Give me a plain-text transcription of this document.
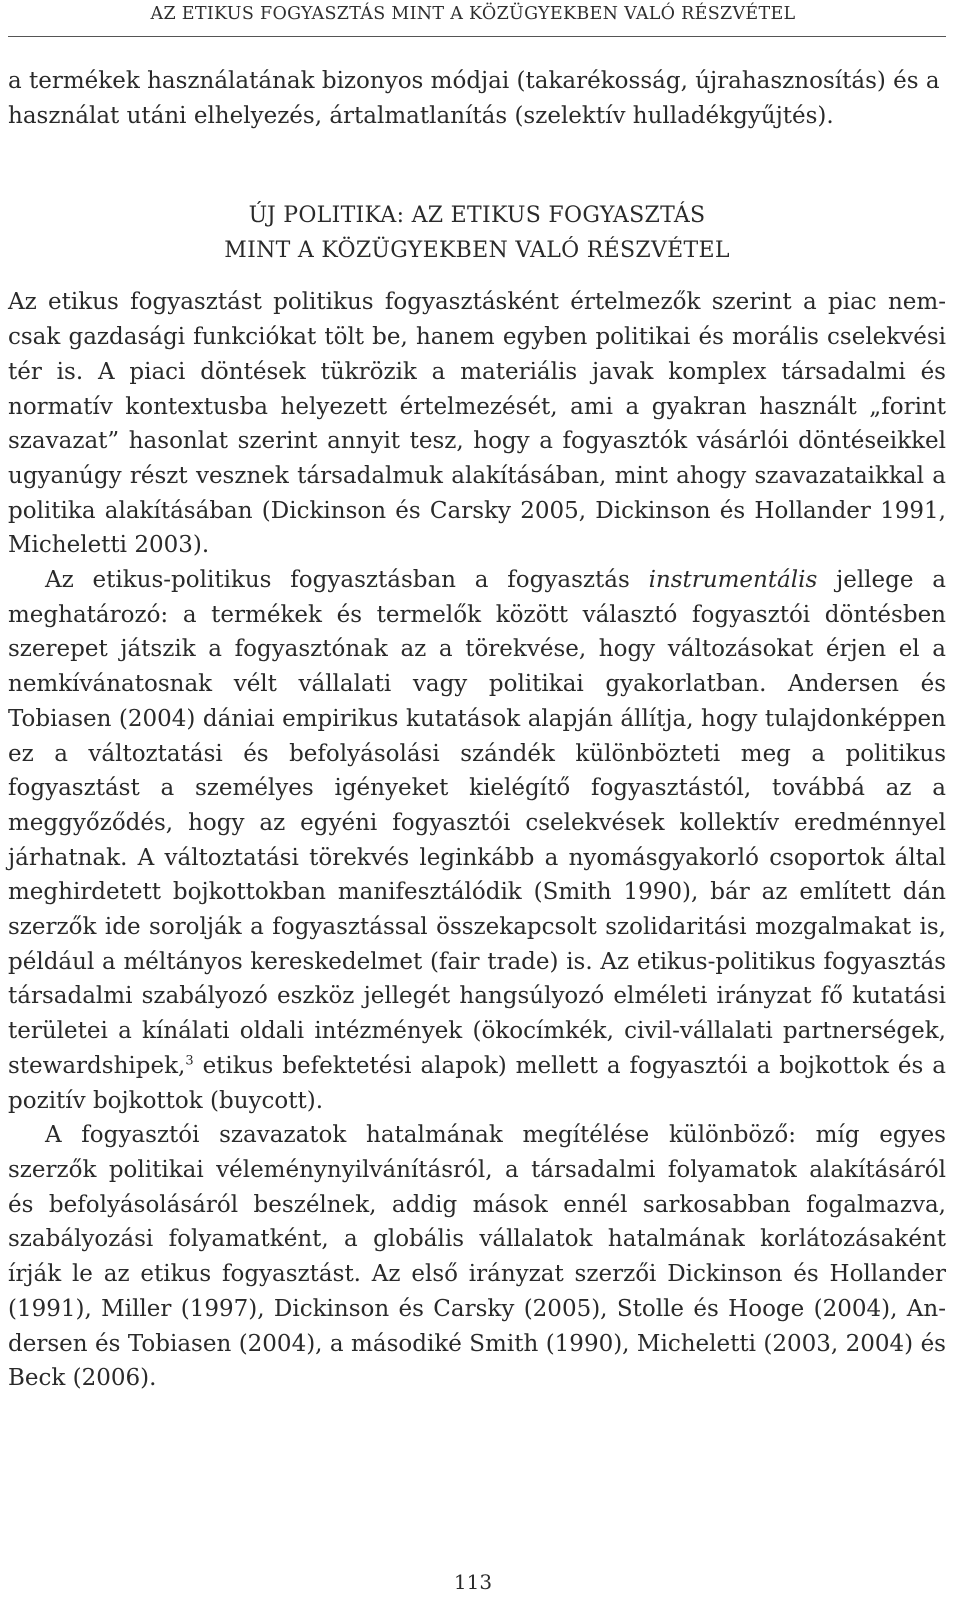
AZ ETIKUS FOGYASZTÁS MINT A KÖZÜGYEKBEN VALÓ RÉSZVÉTEL

a termékek használatának bizonyos módjai (takarékosság, újrahasznosítás) és a használat utáni elhelyezés, ártalmatlanítás (szelektív hulladékgyűjtés).

ÚJ POLITIKA: AZ ETIKUS FOGYASZTÁS
MINT A KÖZÜGYEKBEN VALÓ RÉSZVÉTEL

Az etikus fogyasztást politikus fogyasztásként értelmezők szerint a piac nemcsak gazdasági funkciókat tölt be, hanem egyben politikai és morális cselekvési tér is. A piaci döntések tükrözik a materiális javak komplex társadalmi és normatív kontextusba helyezett értelmezését, ami a gyakran használt „forint szavazat” hasonlat szerint annyit tesz, hogy a fogyasztók vásárlói döntéseikkel ugyanúgy részt vesznek társadalmuk alakításában, mint ahogy szavazataikkal a politika alakításában (Dickinson és Carsky 2005, Dickinson és Hollander 1991, Micheletti 2003).

Az etikus-politikus fogyasztásban a fogyasztás instrumentális jellege a meghatározó: a termékek és termelők között választó fogyasztói döntésben szerepet játszik a fogyasztónak az a törekvése, hogy változásokat érjen el a nemkívánatosnak vélt vállalati vagy politikai gyakorlatban. Andersen és Tobiasen (2004) dániai empirikus kutatások alapján állítja, hogy tulajdonképpen ez a változtatási és befolyásolási szándék különbözteti meg a politikus fogyasztást a személyes igényeket kielégítő fogyasztástól, továbbá az a meggyőződés, hogy az egyéni fogyasztói cselekvések kollektív eredménnyel járhatnak. A változtatási törekvés leginkább a nyomásgyakorló csoportok által meghirdetett bojkottokban manifesztálódik (Smith 1990), bár az említett dán szerzők ide sorolják a fogyasztással összekapcsolt szolidaritási mozgalmakat is, például a méltányos kereskedelmet (fair trade) is. Az etikus-politikus fogyasztás társadalmi szabályozó eszköz jellegét hangsúlyozó elméleti irányzat fő kutatási területei a kínálati oldali intézmények (ökocímkék, civil-vállalati partnerségek, stewardshipek,$^3$ etikus befektetési alapok) mellett a fogyasztói a bojkottok és a pozitív bojkottok (buycott).

A fogyasztói szavazatok hatalmának megítélése különböző: míg egyes szerzők politikai véleménynyilvánításról, a társadalmi folyamatok alakításáról és befolyásolásáról beszélnek, addig mások ennél sarkosabban fogalmazva, szabályozási folyamatként, a globális vállalatok hatalmának korlátozásaként írják le az etikus fogyasztást. Az első irányzat szerzői Dickinson és Hollander (1991), Miller (1997), Dickinson és Carsky (2005), Stolle és Hooge (2004), Andersen és Tobiasen (2004), a másodiké Smith (1990), Micheletti (2003, 2004) és Beck (2006).

113
